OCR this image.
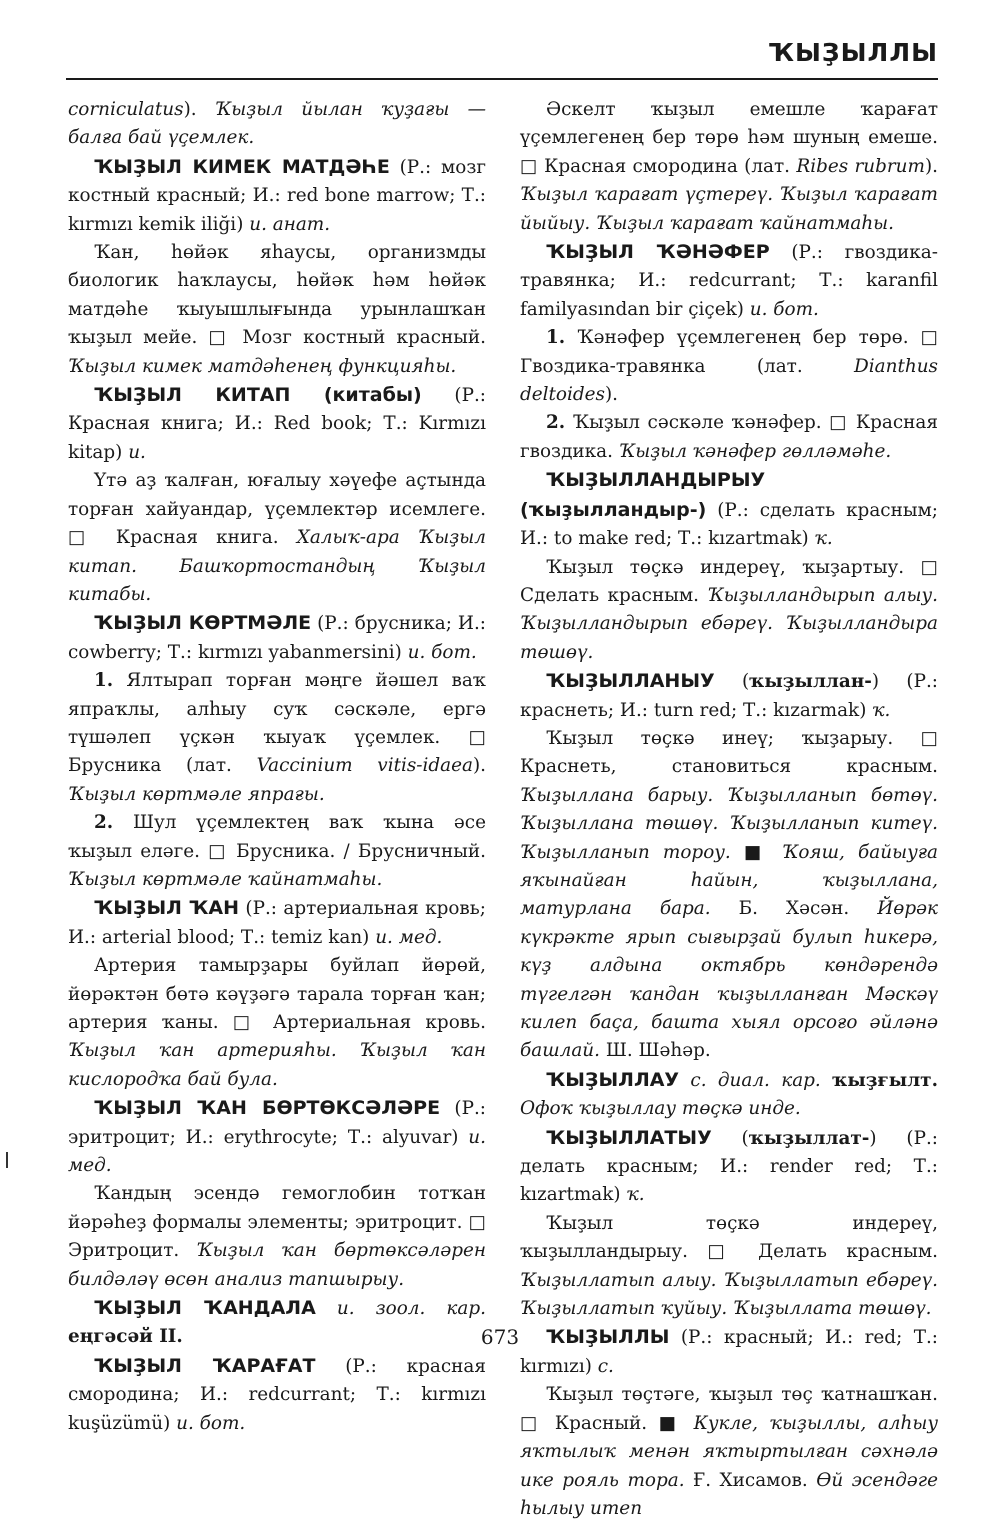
ҠЫҘЫЛЛЫ

corniculatus). Ҡыҙыл йылан ҡуҙағы — балға бай үҫемлек.

ҠЫҘЫЛ КИМЕК МАТДӘҺЕ (Р.: мозг костный красный; И.: red bone marrow; Т.: kırmızı kemik iliği) и. анат.

Ҡан, һөйәк яһаусы, организмды биологик һаҡлаусы, һөйәк һәм һөйәк матдәһе ҡыуышлығында урынлашҡан ҡыҙыл мейе. □ Мозг костный красный. Ҡыҙыл кимек матдәһенең функцияһы.

ҠЫҘЫЛ КИТАП (китабы) (Р.: Красная книга; И.: Red book; Т.: Kırmızı kitap) и.

Үтә аҙ ҡалған, юғалыу хәүефе аҫтында торған хайуандар, үҫемлектәр исемлеге. □ Красная книга. Халыҡ-ара Ҡыҙыл китап. Башҡортостандың Ҡыҙыл китабы.

ҠЫҘЫЛ КӨРТМӘЛЕ (Р.: брусника; И.: cowberry; Т.: kırmızı yabanmersini) и. бот.

1. Ялтырап торған мәңге йәшел ваҡ япраҡлы, алһыу суҡ сәскәле, ергә түшәлеп үҫкән ҡыуаҡ үҫемлек. □ Брусника (лат. Vaccinium vitis-idaea). Ҡыҙыл көртмәле япрағы.

2. Шул үҫемлектең ваҡ ҡына әсе ҡыҙыл еләге. □ Брусника. / Брусничный. Ҡыҙыл көртмәле ҡайнатмаһы.

ҠЫҘЫЛ ҠАН (Р.: артериальная кровь; И.: arterial blood; Т.: temiz kan) и. мед.

Артерия тамырҙары буйлап йөрөй, йөрәктән бөтә кәүҙәгә тарала торған ҡан; артерия ҡаны. □ Артериальная кровь. Ҡыҙыл ҡан артерияһы. Ҡыҙыл ҡан кислородҡа бай була.

ҠЫҘЫЛ ҠАН БӨРТӨКСӘЛӘРЕ (Р.: эритроцит; И.: erythrocyte; Т.: alyuvar) и. мед.

Ҡандың эсендә гемоглобин тотҡан йәрәһеҙ формалы элементы; эритроцит. □ Эритроцит. Ҡыҙыл ҡан бөртөксәләрен билдәләү өсөн анализ тапшырыу.

ҠЫҘЫЛ ҠАНДАЛА и. зоол. кар. еңгәсәй II.

ҠЫҘЫЛ ҠАРАҒАТ (Р.: красная смородина; И.: redcurrant; Т.: kırmızı kuşüzümü) и. бот.

Әскелт ҡыҙыл емешле ҡарағат үҫемлегенең бер төрө һәм шуның емеше. □ Красная смородина (лат. Ribes rubrum). Ҡыҙыл ҡарағат үҫтереү. Ҡыҙыл ҡарағат йыйыу. Ҡыҙыл ҡарағат ҡайнатмаһы.

ҠЫҘЫЛ ҠӘНӘФЕР (Р.: гвоздика-травянка; И.: redcurrant; Т.: karanfil familyasından bir çiçek) и. бот.

1. Ҡәнәфер үҫемлегенең бер төрө. □ Гвоздика-травянка (лат. Dianthus deltoides).

2. Ҡыҙыл сәскәле ҡәнәфер. □ Красная гвоздика. Ҡыҙыл ҡәнәфер гөлләмәһе.

ҠЫҘЫЛЛАНДЫРЫУ (ҡыҙылландыр-) (Р.: сделать красным; И.: to make red; Т.: kızartmak) ҡ.

Ҡыҙыл төҫкә индереү, ҡыҙартыу. □ Сделать красным. Ҡыҙылландырып алыу. Ҡыҙылландырып ебәреү. Ҡыҙылландыра төшөү.

ҠЫҘЫЛЛАНЫУ (ҡыҙыллан-) (Р.: краснеть; И.: turn red; Т.: kızarmak) ҡ.

Ҡыҙыл төҫкә инеү; ҡыҙарыу. □ Краснеть, становиться красным. Ҡыҙыллана барыу. Ҡыҙылланып бөтөү. Ҡыҙыллана төшөү. Ҡыҙылланып китеү. Ҡыҙылланып тороу. ■ Ҡояш, байыуға яҡынайған һайын, ҡыҙыллана, матурлана бара. Б. Хәсән. Йөрәк күкрәкте ярып сығырҙай булып һикерә, күҙ алдына октябрь көндәрендә түгелгән ҡандан ҡыҙылланған Мәскәү килеп баҫа, башта хыял орсоғо әйләнә башлай. Ш. Шәһәр.

ҠЫҘЫЛЛАУ с. диал. кар. ҡыҙғылт. Офоҡ ҡыҙыллау төҫкә инде.

ҠЫҘЫЛЛАТЫУ (ҡыҙыллат-) (Р.: делать красным; И.: render red; Т.: kızartmak) ҡ.

Ҡыҙыл төҫкә индереү, ҡыҙылландырыу. □ Делать красным. Ҡыҙыллатып алыу. Ҡыҙыллатып ебәреү. Ҡыҙыллатып ҡуйыу. Ҡыҙыллата төшөү.

ҠЫҘЫЛЛЫ (Р.: красный; И.: red; Т.: kırmızı) с.

Ҡыҙыл төҫтәге, ҡыҙыл төҫ ҡатнашҡан. □ Красный. ■ Кукле, ҡыҙыллы, алһыу яҡтылыҡ менән яҡтыртылған сәхнәлә ике рояль тора. Ғ. Хисамов. Өй эсендәге һылыу итеп

673
